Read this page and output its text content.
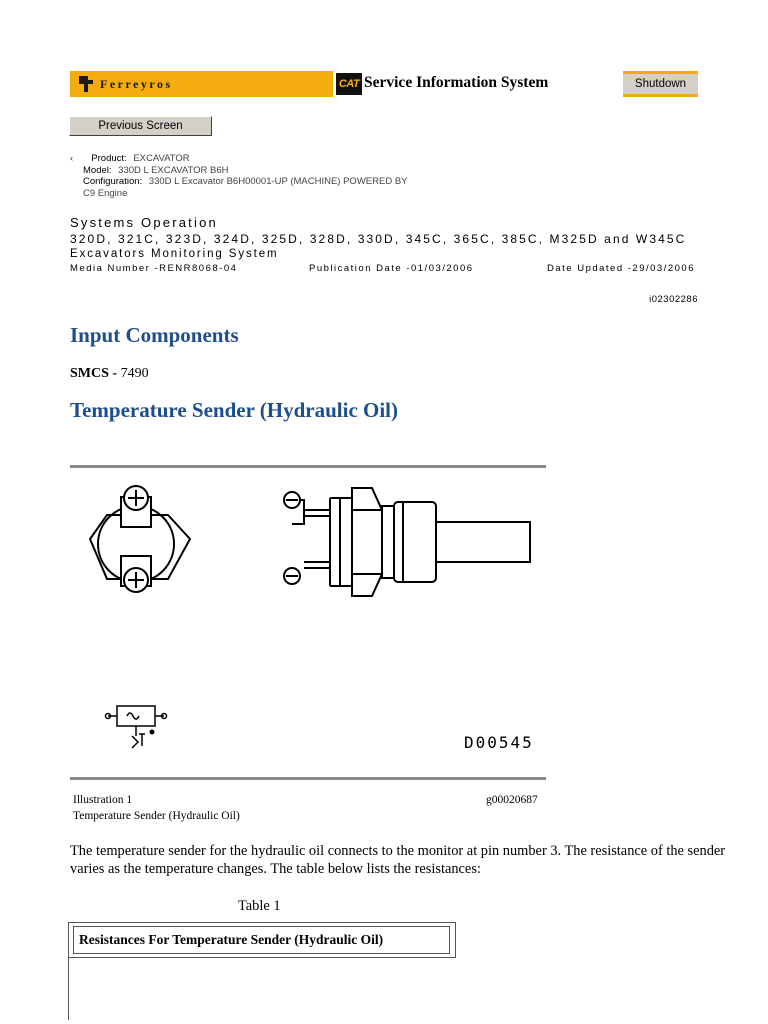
Ferreyros	CAT Service Information System	Shutdown
Previous Screen
‹ Product: EXCAVATOR
Model: 330D L EXCAVATOR B6H
Configuration: 330D L Excavator B6H00001-UP (MACHINE) POWERED BY
C9 Engine
Systems Operation
320D, 321C, 323D, 324D, 325D, 328D, 330D, 345C, 365C, 385C, M325D and W345C
Excavators Monitoring System
Media Number -RENR8068-04	Publication Date -01/03/2006	Date Updated -29/03/2006
i02302286
Input Components
SMCS - 7490
Temperature Sender (Hydraulic Oil)
D00545
Illustration 1	g00020687
Temperature Sender (Hydraulic Oil)
The temperature sender for the hydraulic oil connects to the monitor at pin number 3. The resistance of the sender varies as the temperature changes. The table below lists the resistances:
Table 1
Resistances For Temperature Sender (Hydraulic Oil)
